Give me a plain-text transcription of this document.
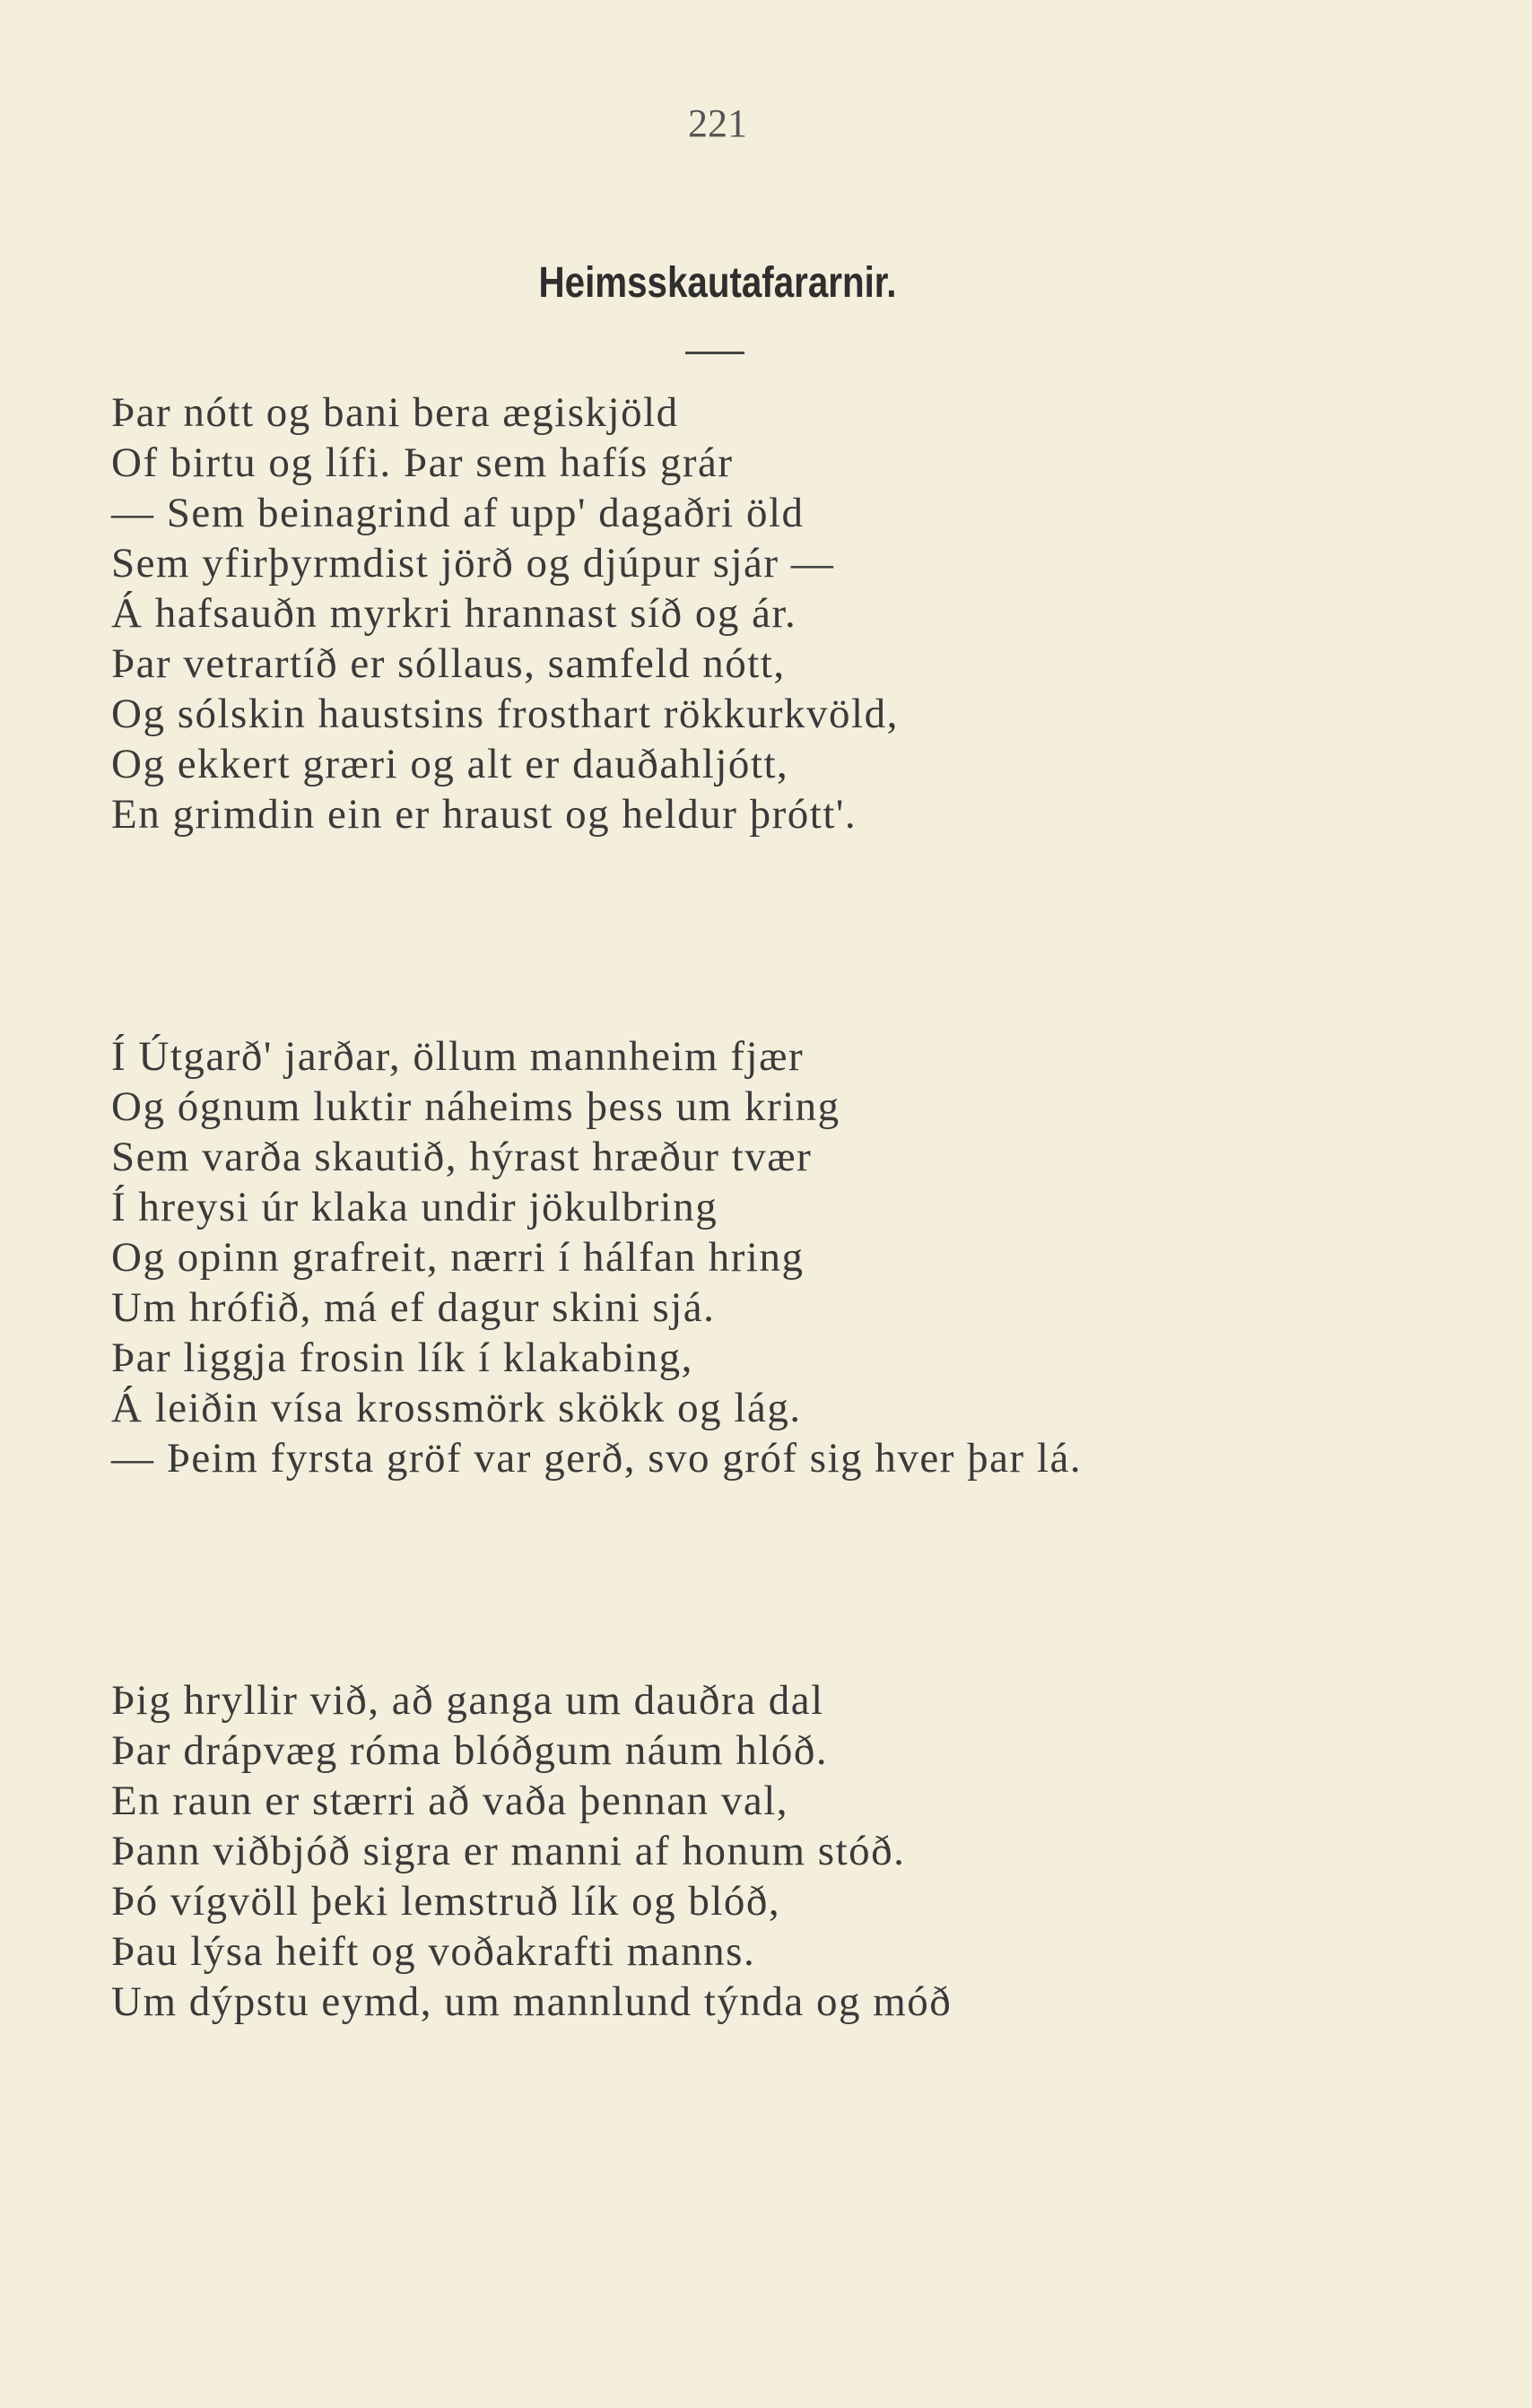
221
Heimsskautafararnir.
Þar nótt og bani bera ægiskjöld
Of birtu og lífi. Þar sem hafís grár
— Sem beinagrind af upp' dagaðri öld
Sem yfirþyrmdist jörð og djúpur sjár —
Á hafsauðn myrkri hrannast síð og ár.
Þar vetrartíð er sóllaus, samfeld nótt,
Og sólskin haustsins frosthart rökkurkvöld,
Og ekkert græri og alt er dauðahljótt,
En grimdin ein er hraust og heldur þrótt'.
Í Útgarð' jarðar, öllum mannheim fjær
Og ógnum luktir náheims þess um kring
Sem varða skautið, hýrast hræður tvær
Í hreysi úr klaka undir jökulbring
Og opinn grafreit, nærri í hálfan hring
Um hrófið, má ef dagur skini sjá.
Þar liggja frosin lík í klakabing,
Á leiðin vísa krossmörk skökk og lág.
— Þeim fyrsta gröf var gerð, svo gróf sig hver þar lá.
Þig hryllir við, að ganga um dauðra dal
Þar drápvæg róma blóðgum náum hlóð.
En raun er stærri að vaða þennan val,
Þann viðbjóð sigra er manni af honum stóð.
Þó vígvöll þeki lemstruð lík og blóð,
Þau lýsa heift og voðakrafti manns.
Um dýpstu eymd, um mannlund týnda og móð
